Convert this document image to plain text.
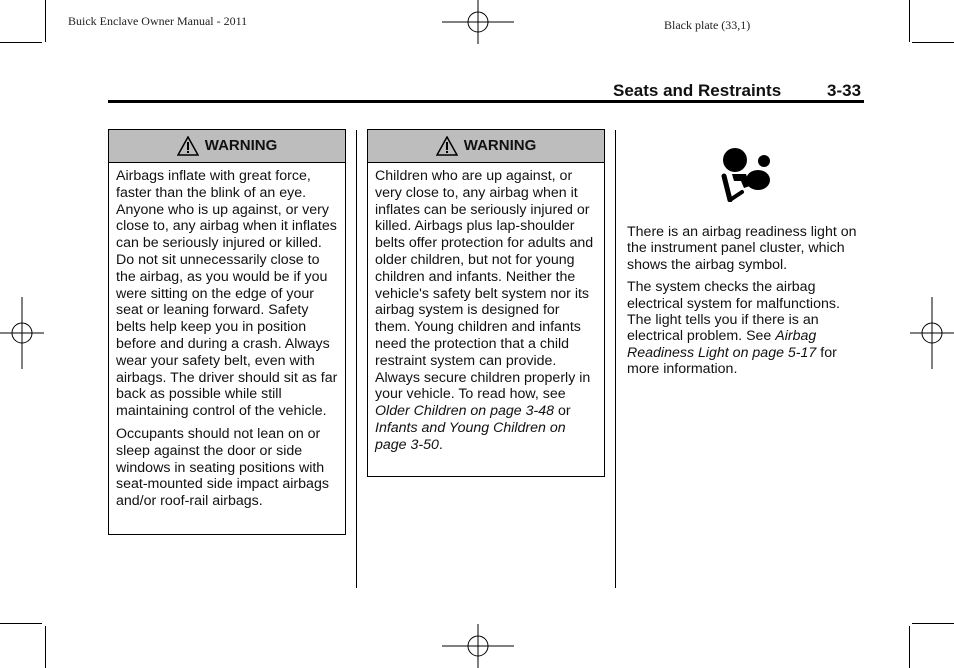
Buick Enclave Owner Manual - 2011	Black plate (33,1)
Seats and Restraints	3-33
WARNING

Airbags inflate with great force, faster than the blink of an eye. Anyone who is up against, or very close to, any airbag when it inflates can be seriously injured or killed. Do not sit unnecessarily close to the airbag, as you would be if you were sitting on the edge of your seat or leaning forward. Safety belts help keep you in position before and during a crash. Always wear your safety belt, even with airbags. The driver should sit as far back as possible while still maintaining control of the vehicle.

Occupants should not lean on or sleep against the door or side windows in seating positions with seat-mounted side impact airbags and/or roof-rail airbags.

WARNING

Children who are up against, or very close to, any airbag when it inflates can be seriously injured or killed. Airbags plus lap-shoulder belts offer protection for adults and older children, but not for young children and infants. Neither the vehicle's safety belt system nor its airbag system is designed for them. Young children and infants need the protection that a child restraint system can provide. Always secure children properly in your vehicle. To read how, see Older Children on page 3-48 or Infants and Young Children on page 3-50.

There is an airbag readiness light on the instrument panel cluster, which shows the airbag symbol.

The system checks the airbag electrical system for malfunctions. The light tells you if there is an electrical problem. See Airbag Readiness Light on page 5-17 for more information.
